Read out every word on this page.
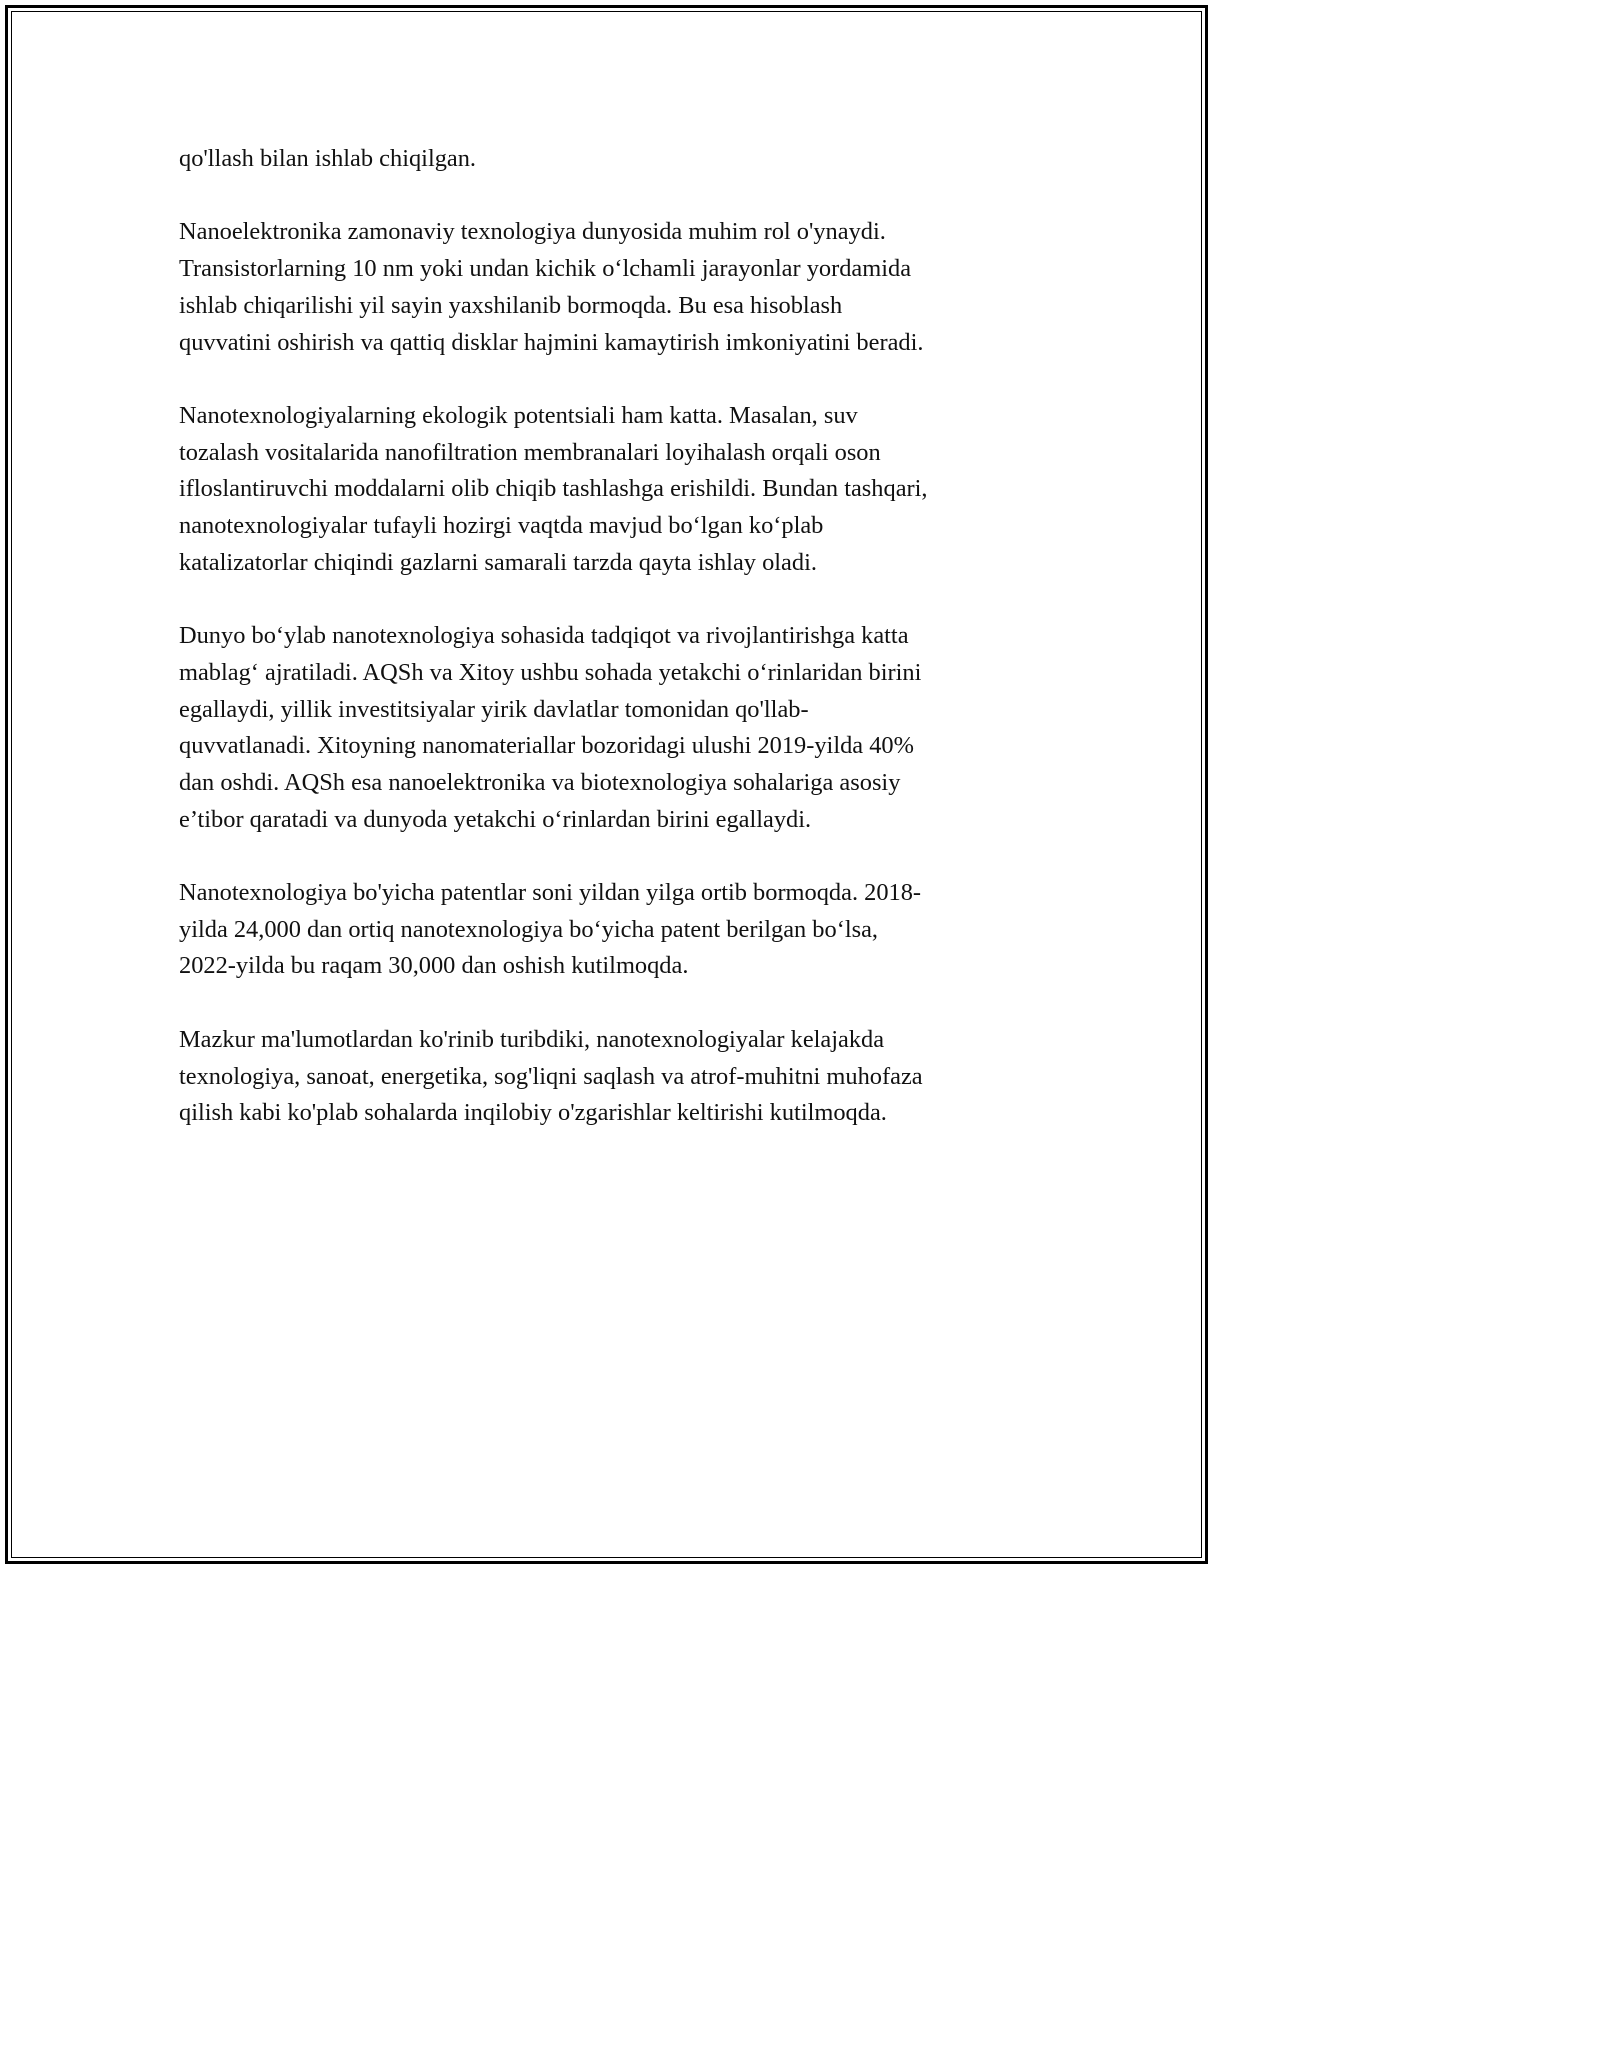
qo'llash bilan ishlab chiqilgan.

Nanoelektronika zamonaviy texnologiya dunyosida muhim rol o'ynaydi.
Transistorlarning 10 nm yoki undan kichik o‘lchamli jarayonlar yordamida
ishlab chiqarilishi yil sayin yaxshilanib bormoqda. Bu esa hisoblash
quvvatini oshirish va qattiq disklar hajmini kamaytirish imkoniyatini beradi.

Nanotexnologiyalarning ekologik potentsiali ham katta. Masalan, suv
tozalash vositalarida nanofiltration membranalari loyihalash orqali oson
ifloslantiruvchi moddalarni olib chiqib tashlashga erishildi. Bundan tashqari,
nanotexnologiyalar tufayli hozirgi vaqtda mavjud bo‘lgan ko‘plab
katalizatorlar chiqindi gazlarni samarali tarzda qayta ishlay oladi.

Dunyo bo‘ylab nanotexnologiya sohasida tadqiqot va rivojlantirishga katta
mablag‘ ajratiladi. AQSh va Xitoy ushbu sohada yetakchi o‘rinlaridan birini
egallaydi, yillik investitsiyalar yirik davlatlar tomonidan qo'llab-
quvvatlanadi. Xitoyning nanomateriallar bozoridagi ulushi 2019-yilda 40%
dan oshdi. AQSh esa nanoelektronika va biotexnologiya sohalariga asosiy
e’tibor qaratadi va dunyoda yetakchi o‘rinlardan birini egallaydi.

Nanotexnologiya bo'yicha patentlar soni yildan yilga ortib bormoqda. 2018-
yilda 24,000 dan ortiq nanotexnologiya bo‘yicha patent berilgan bo‘lsa,
2022-yilda bu raqam 30,000 dan oshish kutilmoqda.

Mazkur ma'lumotlardan ko'rinib turibdiki, nanotexnologiyalar kelajakda
texnologiya, sanoat, energetika, sog'liqni saqlash va atrof-muhitni muhofaza
qilish kabi ko'plab sohalarda inqilobiy o'zgarishlar keltirishi kutilmoqda.
